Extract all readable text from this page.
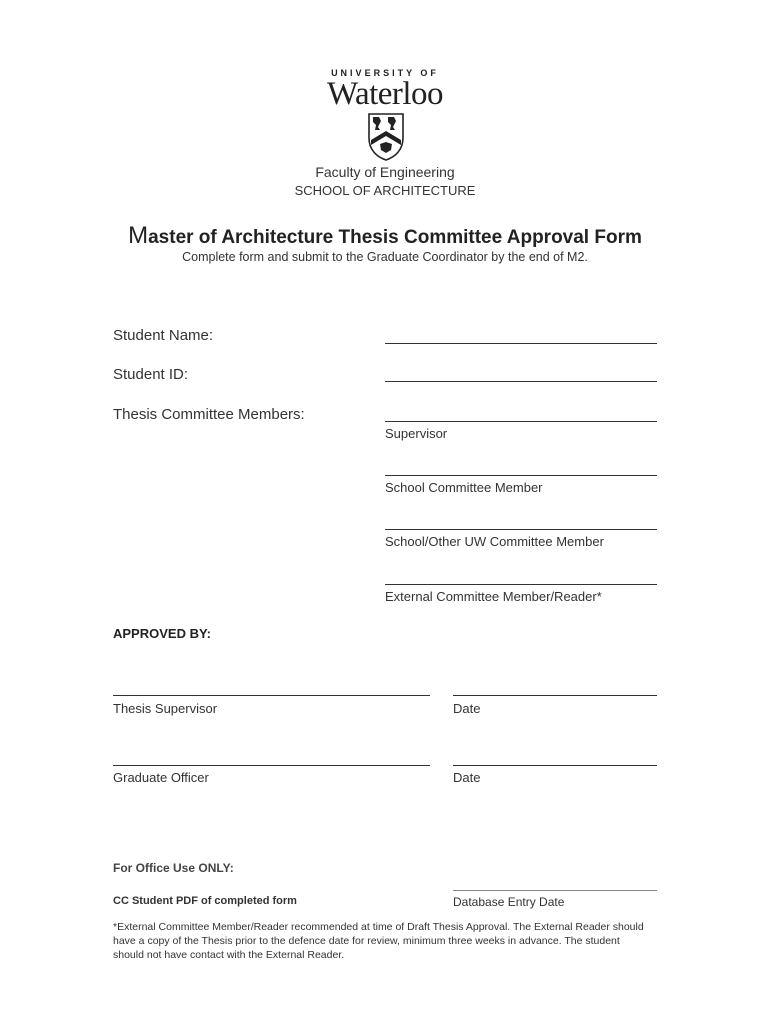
UNIVERSITY OF
Waterloo
Faculty of Engineering
SCHOOL OF ARCHITECTURE
Master of Architecture Thesis Committee Approval Form
Complete form and submit to the Graduate Coordinator by the end of M2.
Student Name:
Student ID:
Thesis Committee Members:
Supervisor
School Committee Member
School/Other UW Committee Member
External Committee Member/Reader*
APPROVED BY:
Thesis Supervisor	Date
Graduate Officer	Date
For Office Use ONLY:
CC Student PDF of completed form	Database Entry Date
*External Committee Member/Reader recommended at time of Draft Thesis Approval. The External Reader should have a copy of the Thesis prior to the defence date for review, minimum three weeks in advance. The student should not have contact with the External Reader.
